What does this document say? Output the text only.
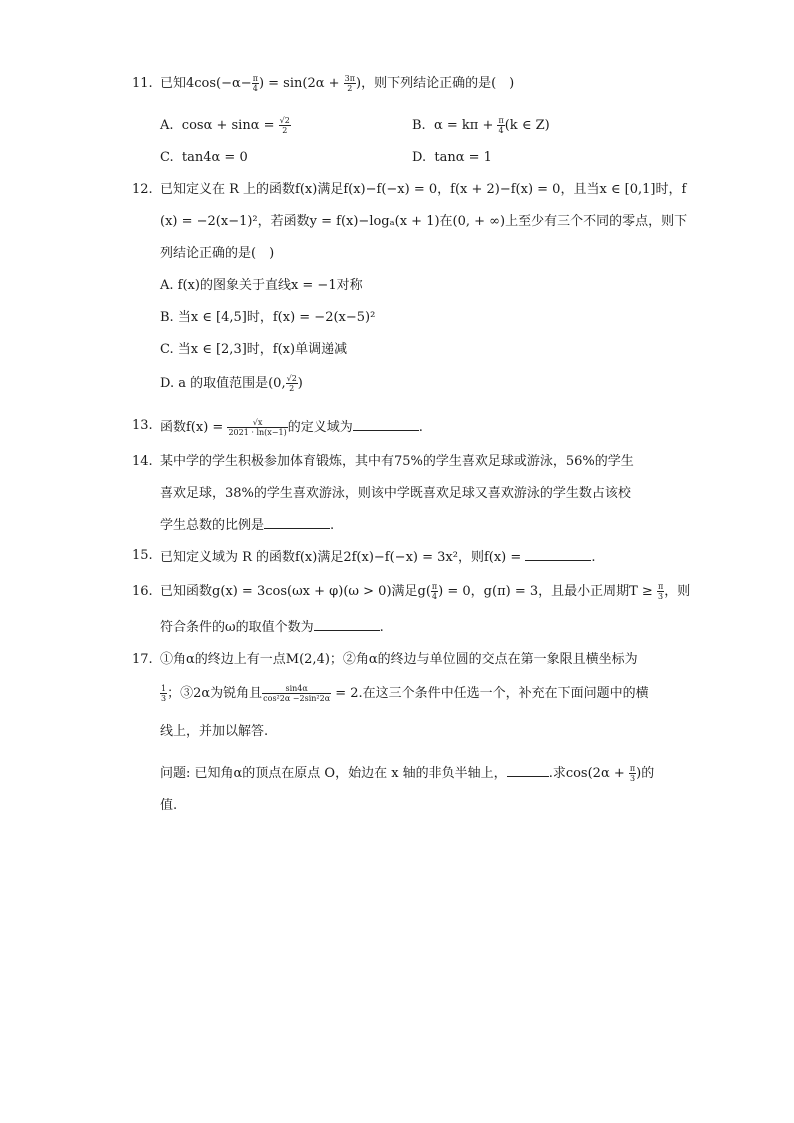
11. 已知$4\cos(-\alpha- \frac{\pi}{4}$ ) = $\sin(2\alpha + \frac{3\pi}{2}$ )，则下列结论正确的是(　)
A. $\cos\alpha + \sin\alpha = \frac{√2}{2}$	B. $\alpha = k\pi + \frac{\pi}{4} (k$ ∈ Z)
C. tan4α = 0	D. tanα = 1
12. 已知定义在 R 上的函数f(x)满足f(x)−f(−x) = 0，f(x + 2)−f(x) = 0，且当x ∈ [0,1]时，f
(x) = −2(x−1)²，若函数y = f(x)−logₐ(x + 1)在(0, + ∞)上至少有三个不同的零点，则下
列结论正确的是(　)
A. f(x)的图象关于直线x = −1对称
B. 当x ∈ [4,5]时，f(x) = −2(x−5)²
C. 当x ∈ [2,3]时，f(x)单调递减
D. a 的取值范围是(0, $\frac{√2}{2}$ )
13. 函数$f(x) = \frac{√x}{2021 \cdot \ln(x-1)}$ 的定义域为	.
14. 某中学的学生积极参加体育锻炼，其中有75%的学生喜欢足球或游泳，56%的学生
喜欢足球，38%的学生喜欢游泳，则该中学既喜欢足球又喜欢游泳的学生数占该校
学生总数的比例是	.
15. 已知定义域为 R 的函数f(x)满足2f(x)−f(−x) = 3x²，则f(x) =	.
16. 已知函数g(x) = 3cos(ωx + φ)(ω > 0)满足$g( \frac{\pi}{4}$ ) = 0，g(π) = 3，且最小正周期$T \ge \frac{\pi}{3}$ ，则
符合条件的ω的取值个数为	.
17. ①角α的终边上有一点M(2,4)；②角α的终边与单位圆的交点在第一象限且横坐标为
$\frac{1}{3}$ ；③2α为锐角且 $\frac{\sin 4\alpha}{\text{cos²2α −2sin²2α}} = 2$.在这三个条件中任选一个，补充在下面问题中的横
线上，并加以解答.
问题: 已知角α的顶点在原点 O，始边在 x 轴的非负半轴上，	.求$\cos(2\alpha + \frac{\pi}{3}$ )的
值.
